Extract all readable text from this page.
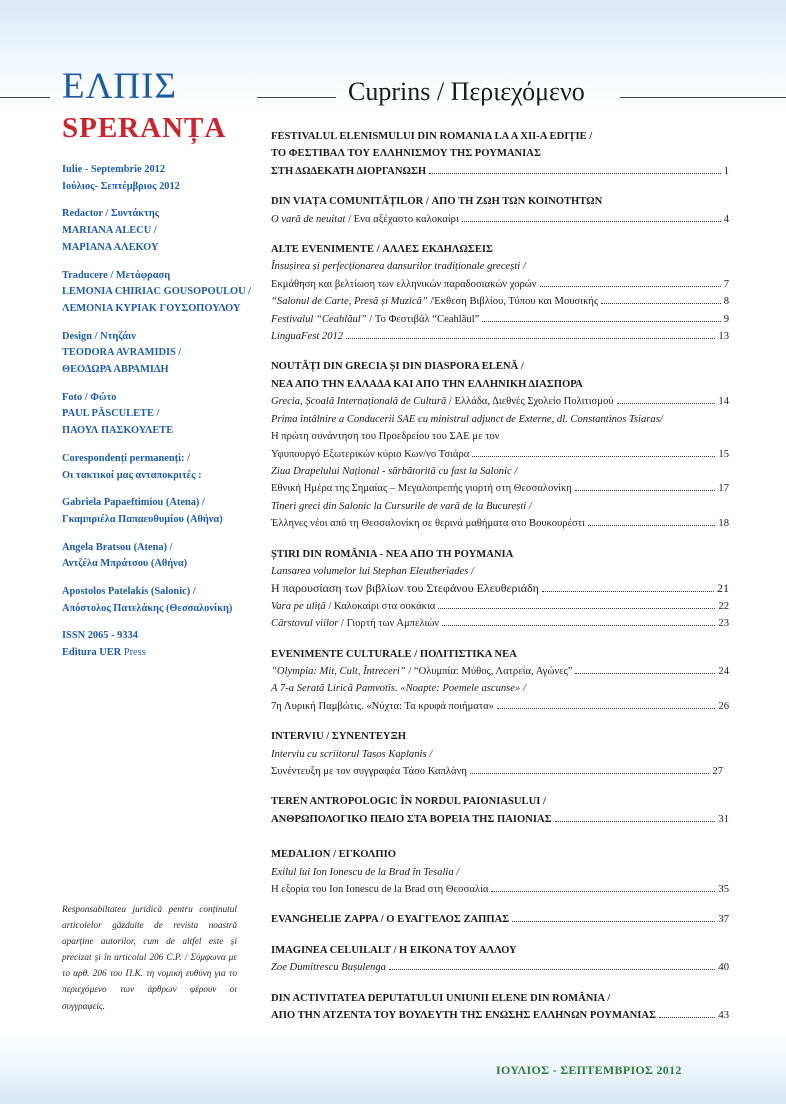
ΕΛΠΙΣ
SPERANȚA
Cuprins / Περιεχόμενο
Iulie - Septembrie 2012
Ιούλιος- Σεπτέμβριος 2012
Redactor / Συντάκτης
MARIANA ALECU /
ΜΑΡΙΑΝΑ ΑΛΕΚΟΥ
Traducere / Μετάφραση
LEMONIA CHIRIAC GOUSOPOULOU /
ΛΕΜΟΝΙΑ ΚΥΡΙΑΚ ΓΟΥΣΟΠΟΥΛΟΥ
Design / Ντηζάιν
TEODORA AVRAMIDIS /
ΘΕΟΔΩΡΑ ΑΒΡΑΜΙΔΗ
Foto / Φώτο
PAUL PĂSCULETE /
ΠΑΟΥΛ ΠΑΣΚΟΥΛΕΤΕ
Corespondenți permanenți: /
Οι τακτικοί μας ανταποκριτές :
Gabriela Papaeftimiou (Atena) /
Γκαμπριέλα Παπαευθυμίου (Αθήνα)
Angela Bratsou (Atena) /
Αντζέλα Μπράτσου (Αθήνα)
Apostolos Patelakis (Salonic) /
Απόστολος Πατελάκης (Θεσσαλονίκη)
ISSN 2065 - 9334
Editura UER Press
Responsabiltatea juridică pentru conținutul articolelor găzduite de revista noastră aparține autorilor, cum de altfel este și precizat și în articolul 206 C.P. / Σύμφωνα με το αρθ. 206 του Π.Κ. τη νομική ευθύνη για το περιεχόμενο των άρθρων φέρουν οι συγγραφείς.
FESTIVALUL ELENISMULUI DIN ROMANIA LA A XII-A EDIȚIE /
ΤΟ ΦΕΣΤΙΒΑΛ ΤΟΥ ΕΛΛΗΝΙΣΜΟΥ ΤΗΣ ΡΟΥΜΑΝΙΑΣ
ΣΤΗ ΔΩΔΕΚΑΤΗ ΔΙΟΡΓΑΝΩΣΗ	1
DIN VIAȚA COMUNITĂȚILOR / ΑΠΟ ΤΗ ΖΩΗ ΤΩΝ ΚΟΙΝΟΤΗΤΩΝ
O vară de neuitat / Ενα αξέχαστο καλοκαίρι	4
ALTE EVENIMENTE / ΑΛΛΕΣ ΕΚΔΗΛΩΣΕΙΣ
Însușirea și perfecționarea dansurilor tradiționale grecești /
Εκμάθηση και βελτίωση των ελληνικών παραδοσιακών χορών	7
“Salonul de Carte, Presă și Muzică” /Έκθεση Βιβλίου, Τύπου και Μουσικής	8
Festivalul “Ceahlăul” / Το Φεστιβάλ “Ceahlăul”	9
LinguaFest 2012	13
NOUTĂȚI DIN GRECIA ȘI DIN DIASPORA ELENĂ /
ΝΕΑ ΑΠΟ ΤΗΝ ΕΛΛΑΔΑ ΚΑΙ ΑΠΟ ΤΗΝ ΕΛΛΗΝΙΚΗ ΔΙΑΣΠΟΡΑ
Grecia, Școală Internațională de Cultură / Ελλάδα, Διεθνές Σχολείο Πολιτισμού	14
Prima întâlnire a Conducerii SAE cu ministrul adjunct de Externe, dl. Constantinos Tsiaras/
Η πρώτη συνάντηση του Προεδρείου του ΣΑΕ με τον
Υφυπουργό Εξωτερικών κύριο Κων/νο Τσιάρα	15
Ziua Drapelului Național - sărbătorită cu fast la Salonic /
Εθνική Ημέρα της Σημαίας – Μεγαλοπρεπής γιορτή στη Θεσσαλονίκη	17
Tineri greci din Salonic la Cursurile de vară de la București /
Έλληνες νέοι από τη Θεσσαλονίκη σε θερινά μαθήματα στο Βουκουρέστι	18
ȘTIRI DIN ROMÂNIA - ΝΕΑ ΑΠΟ ΤΗ ΡΟΥΜΑΝΙΑ
Lansarea volumelor lui Stephan Eleutheriades /
Η παρουσίαση των βιβλίων του Στεφάνου Ελευθεριάδη	21
Vara pe uliță / Καλοκαίρι στα σοκάκια	22
Cârstovul viilor / Γιορτή των Αμπελιών	23
EVENIMENTE CULTURALE / ΠΟΛΙΤΙΣΤΙΚΑ ΝΕΑ
”Olympia: Mit, Cult, Întreceri” / “Ολυμπία: Μύθος, Λατρεία, Αγώνες”	24
A 7-a Serată Lirică Pamvotis. «Noapte: Poemele ascunse» /
7η Λυρική Παμβώτις. «Νύχτα: Τα κρυφά ποιήματα»	26
INTERVIU / ΣΥΝΕΝΤΕΥΞΗ
Interviu cu scriitorul Tasos Kaplanis /
Συνέντευξη με τον συγγραφέα Τάσο Καπλάνη	27
TEREN ANTROPOLOGIC ÎN NORDUL PAIONIASULUI /
ΑΝΘΡΩΠΟΛΟΓΙΚΟ ΠΕΔΙΟ ΣΤΑ ΒΟΡΕΙΑ ΤΗΣ ΠΑΙΟΝΙΑΣ	31
MEDALION / ΕΓΚΟΛΠΙΟ
Exilul lui Ion Ionescu de la Brad în Tesalia /
Η εξορία του Ion Ionescu de la Brad στη Θεσσαλία	35
EVANGHELIE ZAPPA / Ο ΕΥΑΓΓΕΛΟΣ ΖΑΠΠΑΣ	37
IMAGINEA CELUILALT / Η ΕΙΚΟΝΑ ΤΟΥ ΑΛΛΟΥ
Zoe Dumitrescu Bușulenga	40
DIN ACTIVITATEA DEPUTATULUI UNIUNII ELENE DIN ROMÂNIA /
ΑΠΟ ΤΗΝ ΑΤΖΕΝΤΑ ΤΟΥ ΒΟΥΛΕΥΤΗ ΤΗΣ ΕΝΩΣΗΣ ΕΛΛΗΝΩΝ ΡΟΥΜΑΝΙΑΣ	43
ΙΟΥΛΙΟΣ - ΣΕΠΤΕΜΒΡΙΟΣ 2012
